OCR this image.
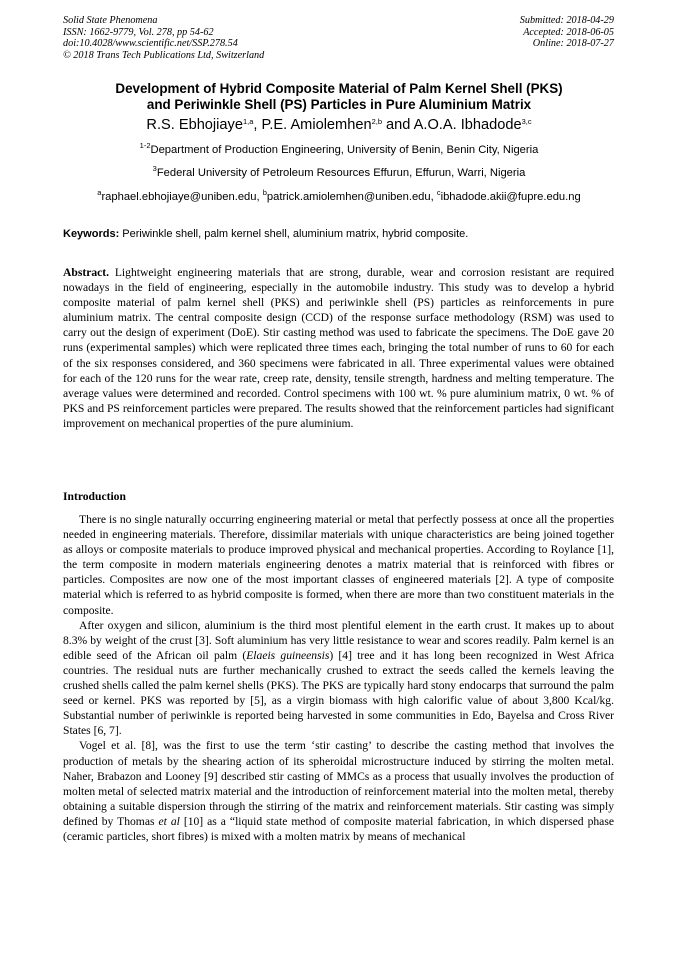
Solid State Phenomena
ISSN: 1662-9779, Vol. 278, pp 54-62
doi:10.4028/www.scientific.net/SSP.278.54
© 2018 Trans Tech Publications Ltd, Switzerland
Submitted: 2018-04-29
Accepted: 2018-06-05
Online: 2018-07-27
Development of Hybrid Composite Material of Palm Kernel Shell (PKS)
and Periwinkle Shell (PS) Particles in Pure Aluminium Matrix
R.S. Ebhojiaye$^{1,a}$, P.E. Amiolemhen$^{2,b}$ and A.O.A. Ibhadode$^{3,c}$
$^{1-2}$Department of Production Engineering, University of Benin, Benin City, Nigeria
$^3$Federal University of Petroleum Resources Effurun, Effurun, Warri, Nigeria
$^a$raphael.ebhojiaye@uniben.edu, $^b$patrick.amiolemhen@uniben.edu, $^c$ibhadode.akii@fupre.edu.ng
Keywords: Periwinkle shell, palm kernel shell, aluminium matrix, hybrid composite.
Abstract. Lightweight engineering materials that are strong, durable, wear and corrosion resistant are required nowadays in the field of engineering, especially in the automobile industry. This study was to develop a hybrid composite material of palm kernel shell (PKS) and periwinkle shell (PS) particles as reinforcements in pure aluminium matrix. The central composite design (CCD) of the response surface methodology (RSM) was used to carry out the design of experiment (DoE). Stir casting method was used to fabricate the specimens. The DoE gave 20 runs (experimental samples) which were replicated three times each, bringing the total number of runs to 60 for each of the six responses considered, and 360 specimens were fabricated in all. Three experimental values were obtained for each of the 120 runs for the wear rate, creep rate, density, tensile strength, hardness and melting temperature. The average values were determined and recorded. Control specimens with 100 wt. % pure aluminium matrix, 0 wt. % of PKS and PS reinforcement particles were prepared. The results showed that the reinforcement particles had significant improvement on mechanical properties of the pure aluminium.
Introduction

There is no single naturally occurring engineering material or metal that perfectly possess at once all the properties needed in engineering materials. Therefore, dissimilar materials with unique characteristics are being joined together as alloys or composite materials to produce improved physical and mechanical properties. According to Roylance [1], the term composite in modern materials engineering denotes a matrix material that is reinforced with fibres or particles. Composites are now one of the most important classes of engineered materials [2]. A type of composite material which is referred to as hybrid composite is formed, when there are more than two constituent materials in the composite.

After oxygen and silicon, aluminium is the third most plentiful element in the earth crust. It makes up to about 8.3% by weight of the crust [3]. Soft aluminium has very little resistance to wear and scores readily. Palm kernel is an edible seed of the African oil palm (Elaeis guineensis) [4] tree and it has long been recognized in West Africa countries. The residual nuts are further mechanically crushed to extract the seeds called the kernels leaving the crushed shells called the palm kernel shells (PKS). The PKS are typically hard stony endocarps that surround the palm seed or kernel. PKS was reported by [5], as a virgin biomass with high calorific value of about 3,800 Kcal/kg. Substantial number of periwinkle is reported being harvested in some communities in Edo, Bayelsa and Cross River States [6, 7].

Vogel et al. [8], was the first to use the term ‘stir casting’ to describe the casting method that involves the production of metals by the shearing action of its spheroidal microstructure induced by stirring the molten metal. Naher, Brabazon and Looney [9] described stir casting of MMCs as a process that usually involves the production of molten metal of selected matrix material and the introduction of reinforcement material into the molten metal, thereby obtaining a suitable dispersion through the stirring of the matrix and reinforcement materials. Stir casting was simply defined by Thomas et al [10] as a “liquid state method of composite material fabrication, in which dispersed phase (ceramic particles, short fibres) is mixed with a molten matrix by means of mechanical
